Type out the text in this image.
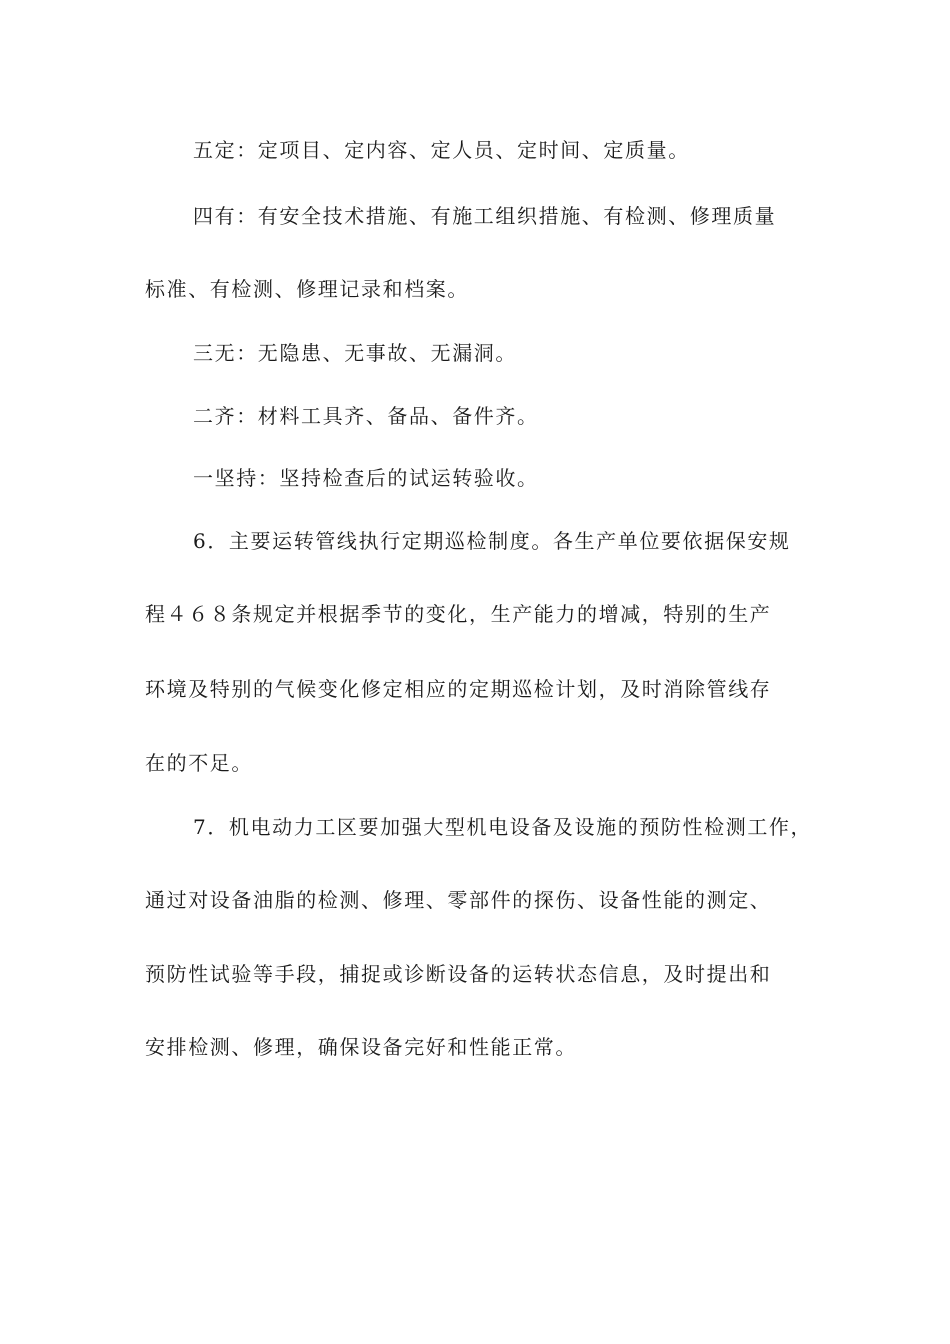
五定：定项目、定内容、定人员、定时间、定质量。
四有：有安全技术措施、有施工组织措施、有检测、修理质量
标准、有检测、修理记录和档案。
三无：无隐患、无事故、无漏洞。
二齐：材料工具齐、备品、备件齐。
一坚持：坚持检查后的试运转验收。
6．主要运转管线执行定期巡检制度。各生产单位要依据保安规
程４６８条规定并根据季节的变化，生产能力的增减，特别的生产
环境及特别的气候变化修定相应的定期巡检计划，及时消除管线存
在的不足。
7．机电动力工区要加强大型机电设备及设施的预防性检测工作，
通过对设备油脂的检测、修理、零部件的探伤、设备性能的测定、
预防性试验等手段，捕捉或诊断设备的运转状态信息，及时提出和
安排检测、修理，确保设备完好和性能正常。
